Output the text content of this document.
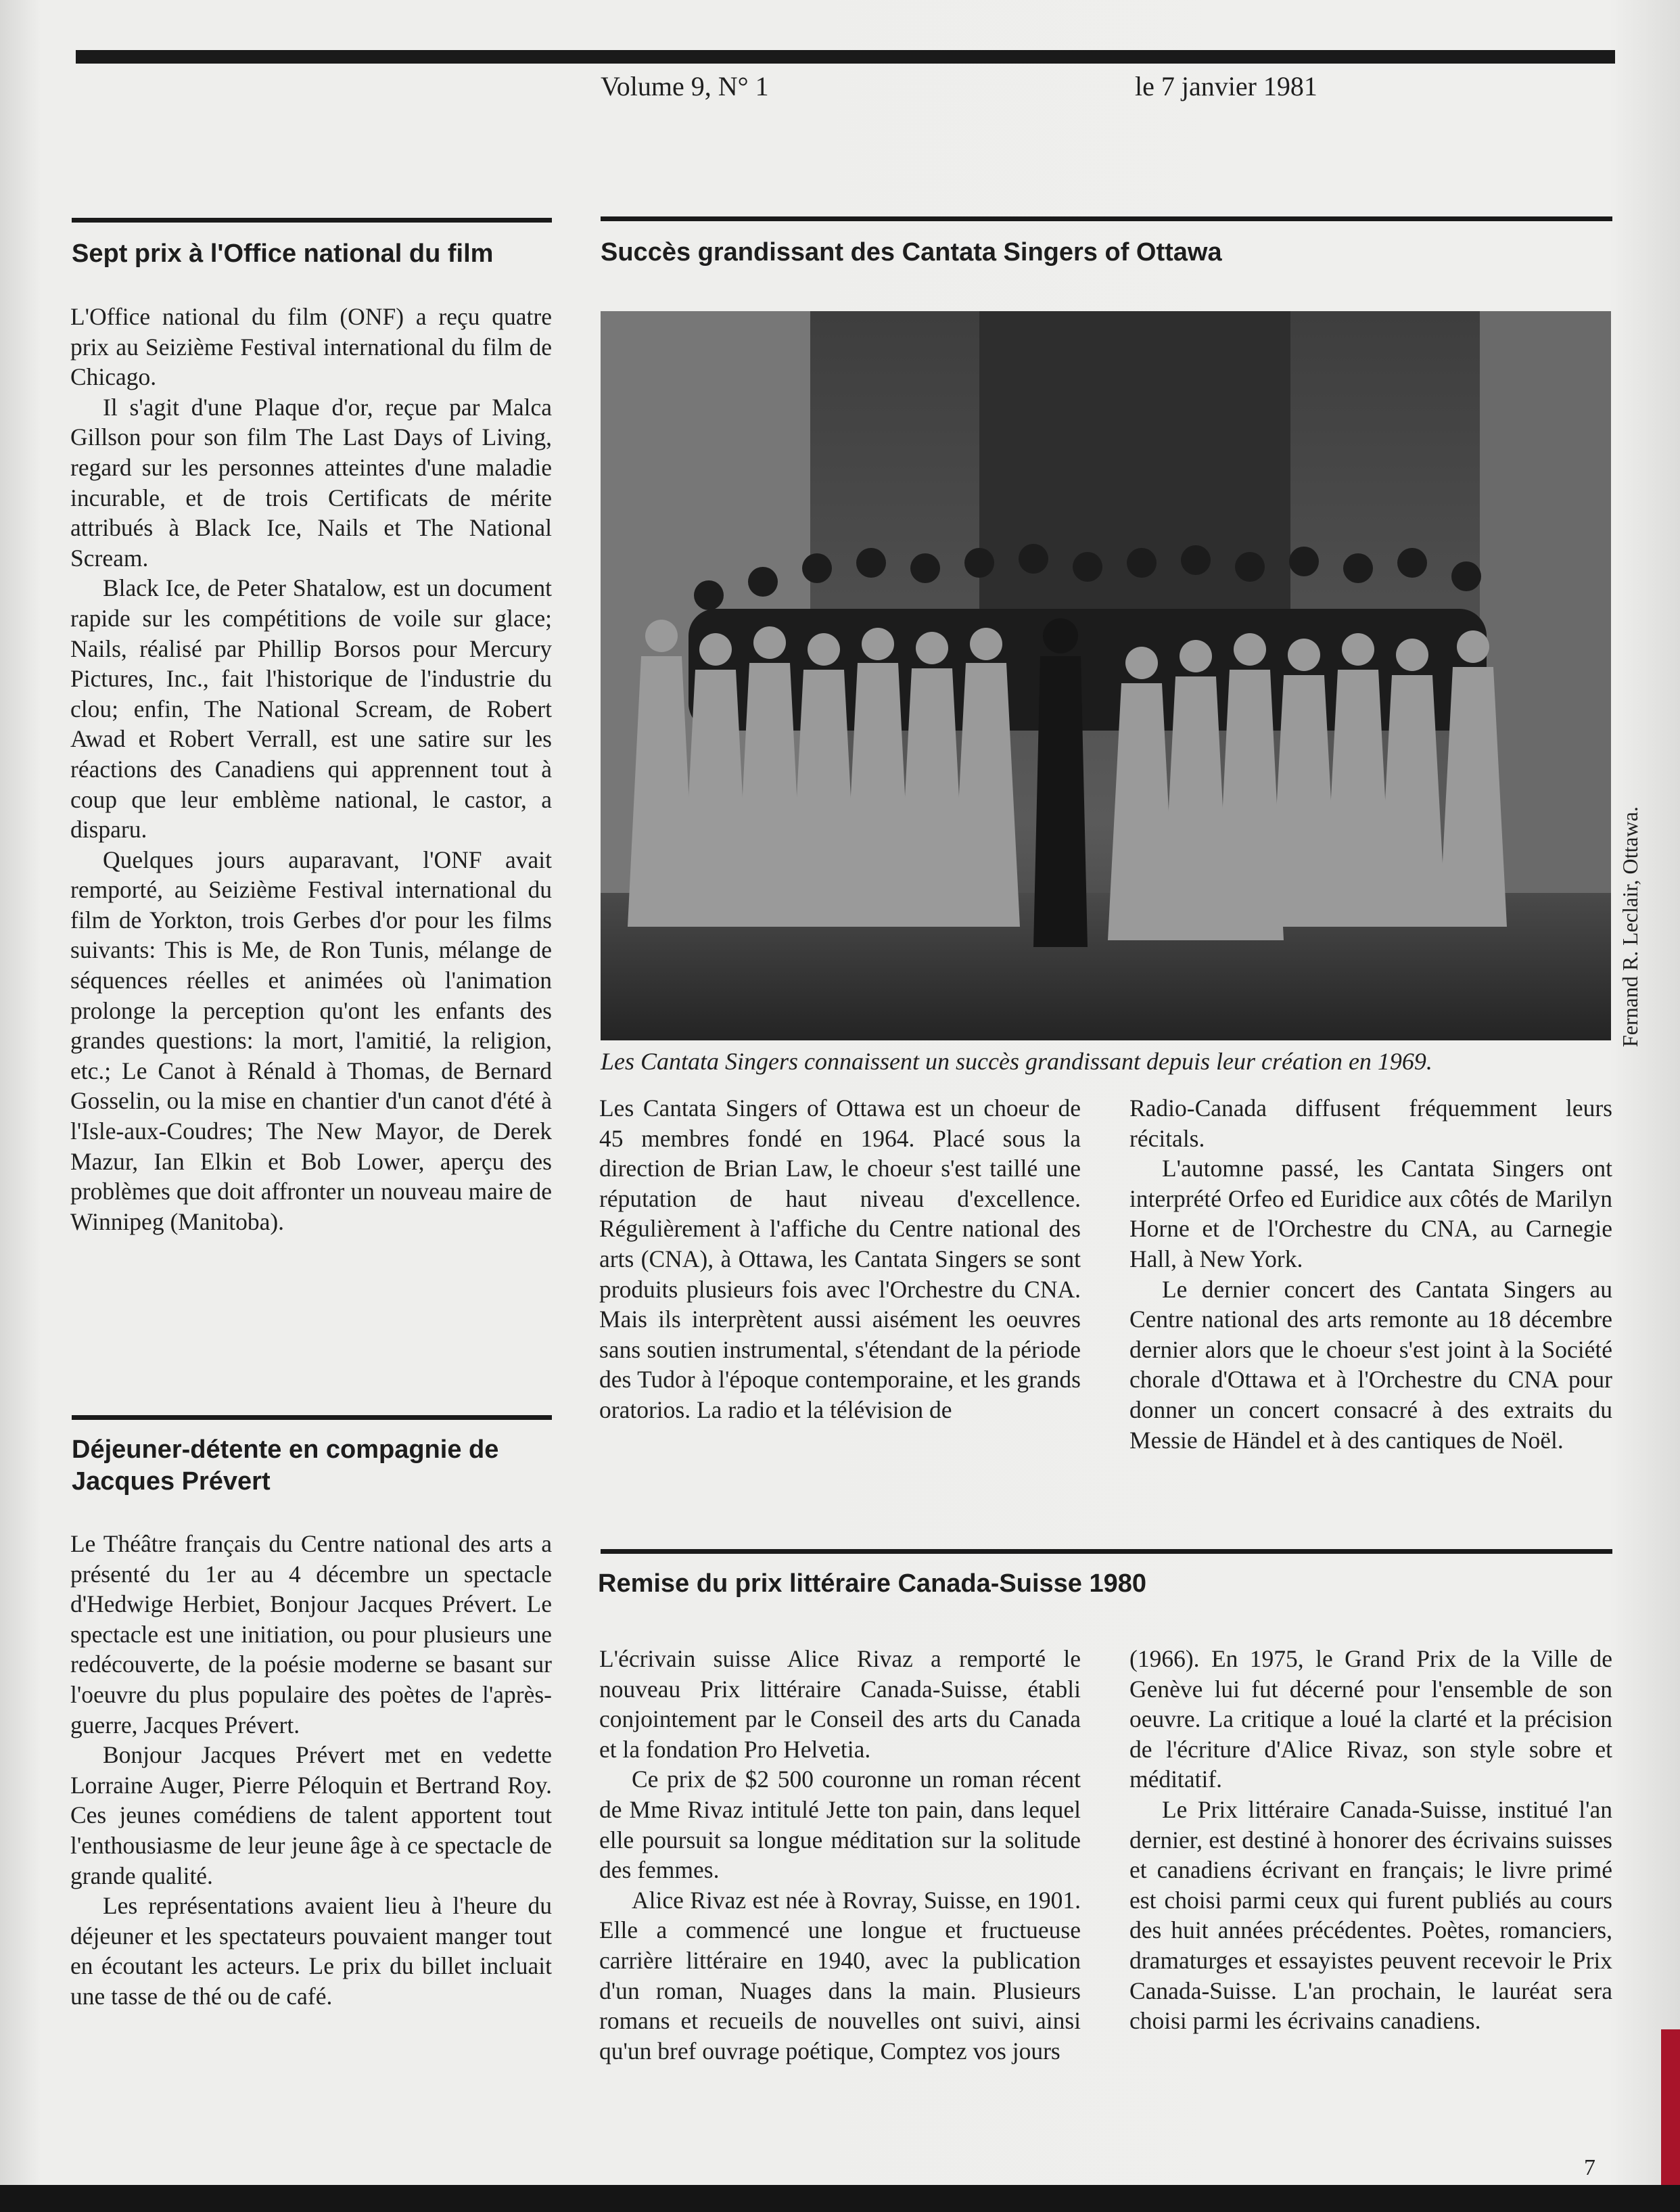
Volume 9, N° 1	le 7 janvier 1981
Sept prix à l'Office national du film

L'Office national du film (ONF) a reçu quatre prix au Seizième Festival international du film de Chicago.

Il s'agit d'une Plaque d'or, reçue par Malca Gillson pour son film The Last Days of Living, regard sur les personnes atteintes d'une maladie incurable, et de trois Certificats de mérite attribués à Black Ice, Nails et The National Scream.

Black Ice, de Peter Shatalow, est un document rapide sur les compétitions de voile sur glace; Nails, réalisé par Phillip Borsos pour Mercury Pictures, Inc., fait l'historique de l'industrie du clou; enfin, The National Scream, de Robert Awad et Robert Verrall, est une satire sur les réactions des Canadiens qui apprennent tout à coup que leur emblème national, le castor, a disparu.

Quelques jours auparavant, l'ONF avait remporté, au Seizième Festival international du film de Yorkton, trois Gerbes d'or pour les films suivants: This is Me, de Ron Tunis, mélange de séquences réelles et animées où l'animation prolonge la perception qu'ont les enfants des grandes questions: la mort, l'amitié, la religion, etc.; Le Canot à Rénald à Thomas, de Bernard Gosselin, ou la mise en chantier d'un canot d'été à l'Isle-aux-Coudres; The New Mayor, de Derek Mazur, Ian Elkin et Bob Lower, aperçu des problèmes que doit affronter un nouveau maire de Winnipeg (Manitoba).

Déjeuner-détente en compagnie de Jacques Prévert

Le Théâtre français du Centre national des arts a présenté du 1er au 4 décembre un spectacle d'Hedwige Herbiet, Bonjour Jacques Prévert. Le spectacle est une initiation, ou pour plusieurs une redécouverte, de la poésie moderne se basant sur l'oeuvre du plus populaire des poètes de l'après-guerre, Jacques Prévert.

Bonjour Jacques Prévert met en vedette Lorraine Auger, Pierre Péloquin et Bertrand Roy. Ces jeunes comédiens de talent apportent tout l'enthousiasme de leur jeune âge à ce spectacle de grande qualité.

Les représentations avaient lieu à l'heure du déjeuner et les spectateurs pouvaient manger tout en écoutant les acteurs. Le prix du billet incluait une tasse de thé ou de café.

Succès grandissant des Cantata Singers of Ottawa
Fernand R. Leclair, Ottawa.
Les Cantata Singers connaissent un succès grandissant depuis leur création en 1969.

Les Cantata Singers of Ottawa est un choeur de 45 membres fondé en 1964. Placé sous la direction de Brian Law, le choeur s'est taillé une réputation de haut niveau d'excellence. Régulièrement à l'affiche du Centre national des arts (CNA), à Ottawa, les Cantata Singers se sont produits plusieurs fois avec l'Orchestre du CNA. Mais ils interprètent aussi aisément les oeuvres sans soutien instrumental, s'étendant de la période des Tudor à l'époque contemporaine, et les grands oratorios. La radio et la télévision de

Radio-Canada diffusent fréquemment leurs récitals.

L'automne passé, les Cantata Singers ont interprété Orfeo ed Euridice aux côtés de Marilyn Horne et de l'Orchestre du CNA, au Carnegie Hall, à New York.

Le dernier concert des Cantata Singers au Centre national des arts remonte au 18 décembre dernier alors que le choeur s'est joint à la Société chorale d'Ottawa et à l'Orchestre du CNA pour donner un concert consacré à des extraits du Messie de Händel et à des cantiques de Noël.

Remise du prix littéraire Canada-Suisse 1980

L'écrivain suisse Alice Rivaz a remporté le nouveau Prix littéraire Canada-Suisse, établi conjointement par le Conseil des arts du Canada et la fondation Pro Helvetia.

Ce prix de $2 500 couronne un roman récent de Mme Rivaz intitulé Jette ton pain, dans lequel elle poursuit sa longue méditation sur la solitude des femmes.

Alice Rivaz est née à Rovray, Suisse, en 1901. Elle a commencé une longue et fructueuse carrière littéraire en 1940, avec la publication d'un roman, Nuages dans la main. Plusieurs romans et recueils de nouvelles ont suivi, ainsi qu'un bref ouvrage poétique, Comptez vos jours

(1966). En 1975, le Grand Prix de la Ville de Genève lui fut décerné pour l'ensemble de son oeuvre. La critique a loué la clarté et la précision de l'écriture d'Alice Rivaz, son style sobre et méditatif.

Le Prix littéraire Canada-Suisse, institué l'an dernier, est destiné à honorer des écrivains suisses et canadiens écrivant en français; le livre primé est choisi parmi ceux qui furent publiés au cours des huit années précédentes. Poètes, romanciers, dramaturges et essayistes peuvent recevoir le Prix Canada-Suisse. L'an prochain, le lauréat sera choisi parmi les écrivains canadiens.

7
